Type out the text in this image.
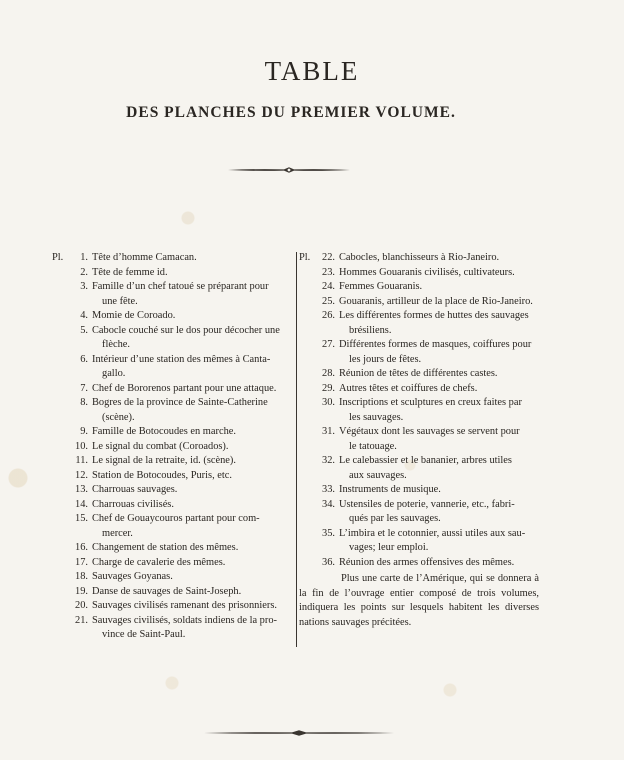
TABLE
DES PLANCHES DU PREMIER VOLUME.
Pl.	1. Tête d’homme Camacan.
2. Tête de femme id.
3. Famille d’un chef tatoué se préparant pour
une fête.
4. Momie de Coroado.
5. Cabocle couché sur le dos pour décocher une
flèche.
6. Intérieur d’une station des mêmes à Canta-
gallo.
7. Chef de Bororenos partant pour une attaque.
8. Bogres de la province de Sainte-Catherine
(scène).
9. Famille de Botocoudes en marche.
10. Le signal du combat (Coroados).
11. Le signal de la retraite, id. (scène).
12. Station de Botocoudes, Puris, etc.
13. Charrouas sauvages.
14. Charrouas civilisés.
15. Chef de Gouaycouros partant pour com-
mercer.
16. Changement de station des mêmes.
17. Charge de cavalerie des mêmes.
18. Sauvages Goyanas.
19. Danse de sauvages de Saint-Joseph.
20. Sauvages civilisés ramenant des prisonniers.
21. Sauvages civilisés, soldats indiens de la pro-
vince de Saint-Paul.
Pl.	22. Cabocles, blanchisseurs à Rio-Janeiro.
23. Hommes Gouaranis civilisés, cultivateurs.
24. Femmes Gouaranis.
25. Gouaranis, artilleur de la place de Rio-Janeiro.
26. Les différentes formes de huttes des sauvages
brésiliens.
27. Différentes formes de masques, coiffures pour
les jours de fêtes.
28. Réunion de têtes de différentes castes.
29. Autres têtes et coiffures de chefs.
30. Inscriptions et sculptures en creux faites par
les sauvages.
31. Végétaux dont les sauvages se servent pour
le tatouage.
32. Le calebassier et le bananier, arbres utiles
aux sauvages.
33. Instruments de musique.
34. Ustensiles de poterie, vannerie, etc., fabri-
qués par les sauvages.
35. L’imbira et le cotonnier, aussi utiles aux sau-
vages; leur emploi.
36. Réunion des armes offensives des mêmes.

Plus une carte de l’Amérique, qui se donnera à la fin de l’ouvrage entier composé de trois volumes, indiquera les points sur lesquels habitent les diverses nations sauvages précitées.
